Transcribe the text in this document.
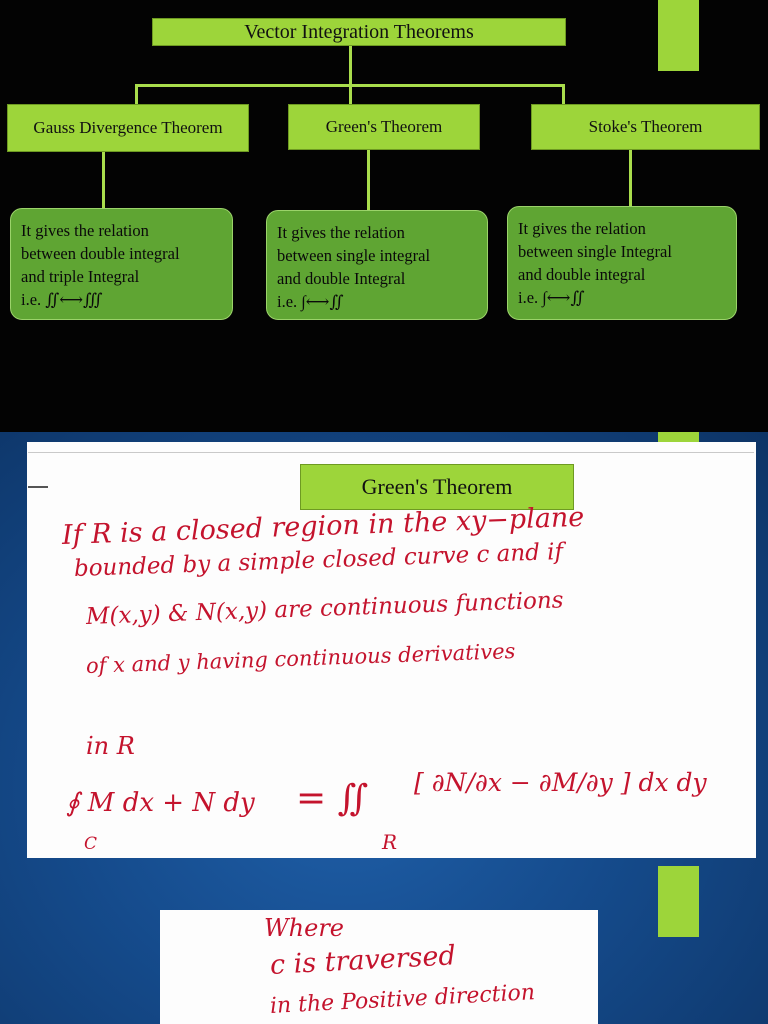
Vector Integration Theorems
Gauss Divergence Theorem	Green's Theorem	Stoke's Theorem
It gives the relation
between double integral
and triple Integral
i.e. ∬⟷∭
It gives the relation
between single integral
and double Integral
i.e. ∫⟷∬
It gives the relation
between single Integral
and double integral
i.e. ∫⟷∬
Green's Theorem
If R is a closed region in the xy−plane
bounded by a simple closed curve c and if
M(x,y) & N(x,y) are continuous functions
of x and y having continuous derivatives
in R
∮ M dx + N dy
C
= ∬
R
[ ∂N/∂x − ∂M/∂y ] dx dy
Where
c is traversed
in the Positive direction
